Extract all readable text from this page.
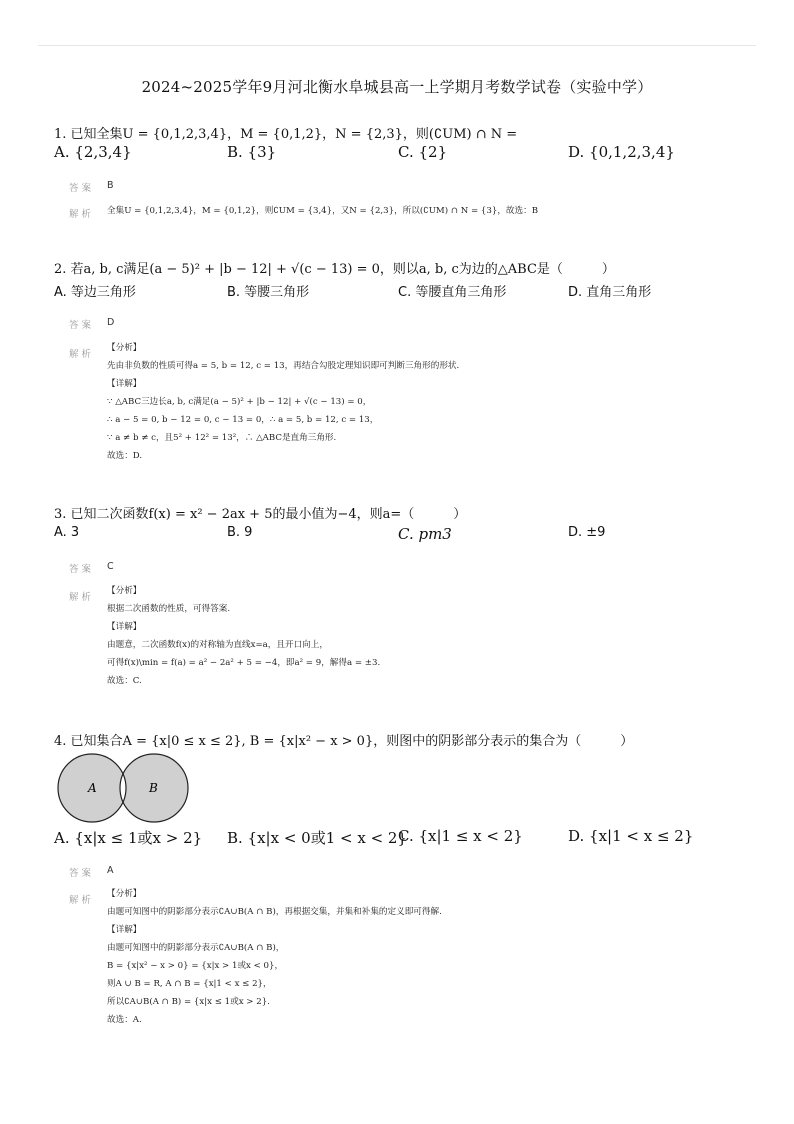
2024~2025学年9月河北衡水阜城县高一上学期月考数学试卷（实验中学）
1. 已知全集U = {0,1,2,3,4}，M = {0,1,2}，N = {2,3}，则(∁UM) ∩ N =
A. {2,3,4}	B. {3}	C. {2}	D. {0,1,2,3,4}
答案 B
解析 全集U = {0,1,2,3,4}，M = {0,1,2}，则∁UM = {3,4}，又N = {2,3}，所以(∁UM) ∩ N = {3}，故选：B
2. 若a, b, c满足(a − 5)² + |b − 12| + √(c − 13) = 0，则以a, b, c为边的△ABC是（　　　）
A. 等边三角形	B. 等腰三角形	C. 等腰直角三角形	D. 直角三角形
答案 D
解析
【分析】
先由非负数的性质可得a = 5, b = 12, c = 13，再结合勾股定理知识即可判断三角形的形状.
【详解】
∵ △ABC三边长a, b, c满足(a − 5)² + |b − 12| + √(c − 13) = 0，
∴ a − 5 = 0, b − 12 = 0, c − 13 = 0，∴ a = 5, b = 12, c = 13，
∵ a ≠ b ≠ c，且5² + 12² = 13²，∴ △ABC是直角三角形.
故选：D.
3. 已知二次函数f(x) = x² − 2ax + 5的最小值为−4，则a=（　　　）
A. 3	B. 9	C. pm3	D. ±9
答案 C
解析
【分析】
根据二次函数的性质，可得答案.
【详解】
由题意，二次函数f(x)的对称轴为直线x=a，且开口向上，
可得f(x)\min = f(a) = a² − 2a² + 5 = −4，即a² = 9，解得a = ±3.
故选：C.
4. 已知集合A = {x|0 ≤ x ≤ 2}, B = {x|x² − x > 0}，则图中的阴影部分表示的集合为（　　　）
A	B
A. {x|x ≤ 1或x > 2} B. {x|x < 0或1 < x < 2}
C. {x|1 ≤ x < 2}	D. {x|1 < x ≤ 2}
答案 A
解析
【分析】
由题可知图中的阴影部分表示∁A∪B(A ∩ B)，再根据交集，并集和补集的定义即可得解.
【详解】
由题可知图中的阴影部分表示∁A∪B(A ∩ B)，
B = {x|x² − x > 0} = {x|x > 1或x < 0}，
则A ∪ B = R, A ∩ B = {x|1 < x ≤ 2}，
所以∁A∪B(A ∩ B) = {x|x ≤ 1或x > 2}.
故选：A.
